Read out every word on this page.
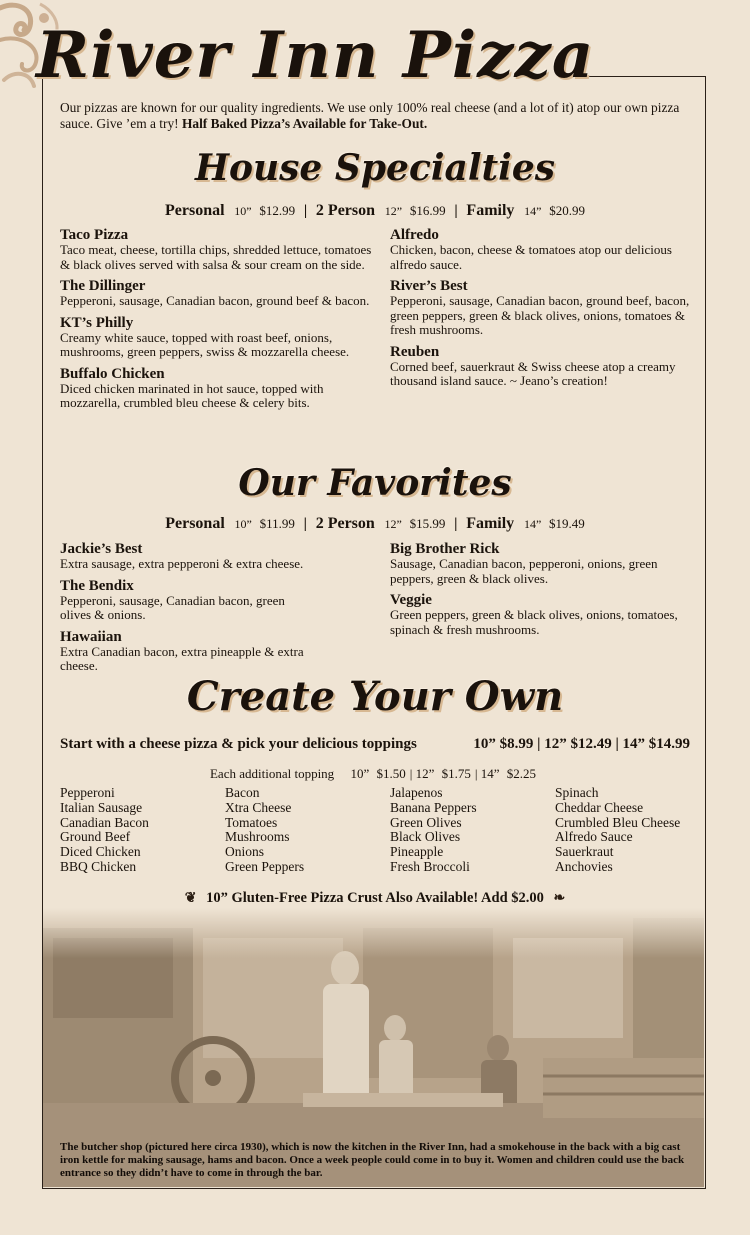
River Inn Pizza
Our pizzas are known for our quality ingredients. We use only 100% real cheese (and a lot of it) atop our own pizza sauce. Give ’em a try! Half Baked Pizza’s Available for Take-Out.
House Specialties
Personal 10” $12.99 | 2 Person 12” $16.99 | Family 14” $20.99
Taco Pizza
Taco meat, cheese, tortilla chips, shredded lettuce, tomatoes & black olives served with salsa & sour cream on the side.
The Dillinger
Pepperoni, sausage, Canadian bacon, ground beef & bacon.
KT’s Philly
Creamy white sauce, topped with roast beef, onions, mushrooms, green peppers, swiss & mozzarella cheese.
Buffalo Chicken
Diced chicken marinated in hot sauce, topped with mozzarella, crumbled bleu cheese & celery bits.
Alfredo
Chicken, bacon, cheese & tomatoes atop our delicious alfredo sauce.
River’s Best
Pepperoni, sausage, Canadian bacon, ground beef, bacon, green peppers, green & black olives, onions, tomatoes & fresh mushrooms.
Reuben
Corned beef, sauerkraut & Swiss cheese atop a creamy thousand island sauce. ~ Jeano’s creation!
Our Favorites
Personal 10” $11.99 | 2 Person 12” $15.99 | Family 14” $19.49
Jackie’s Best
Extra sausage, extra pepperoni & extra cheese.
The Bendix
Pepperoni, sausage, Canadian bacon, green olives & onions.
Hawaiian
Extra Canadian bacon, extra pineapple & extra cheese.
Big Brother Rick
Sausage, Canadian bacon, pepperoni, onions, green peppers, green & black olives.
Veggie
Green peppers, green & black olives, onions, tomatoes, spinach & fresh mushrooms.
Create Your Own
Start with a cheese pizza & pick your delicious toppings	10” $8.99 | 12” $12.49 | 14” $14.99
Each additional topping 10” $1.50 | 12” $1.75 | 14” $2.25
Pepperoni
Italian Sausage
Canadian Bacon
Ground Beef
Diced Chicken
BBQ Chicken
Bacon
Xtra Cheese
Tomatoes
Mushrooms
Onions
Green Peppers
Jalapenos
Banana Peppers
Green Olives
Black Olives
Pineapple
Fresh Broccoli
Spinach
Cheddar Cheese
Crumbled Bleu Cheese
Alfredo Sauce
Sauerkraut
Anchovies
❦ 10” Gluten-Free Pizza Crust Also Available! Add $2.00 ❧
The butcher shop (pictured here circa 1930), which is now the kitchen in the River Inn, had a smokehouse in the back with a big cast iron kettle for making sausage, hams and bacon. Once a week people could come in to buy it. Women and children could use the back entrance so they didn’t have to come in through the bar.
